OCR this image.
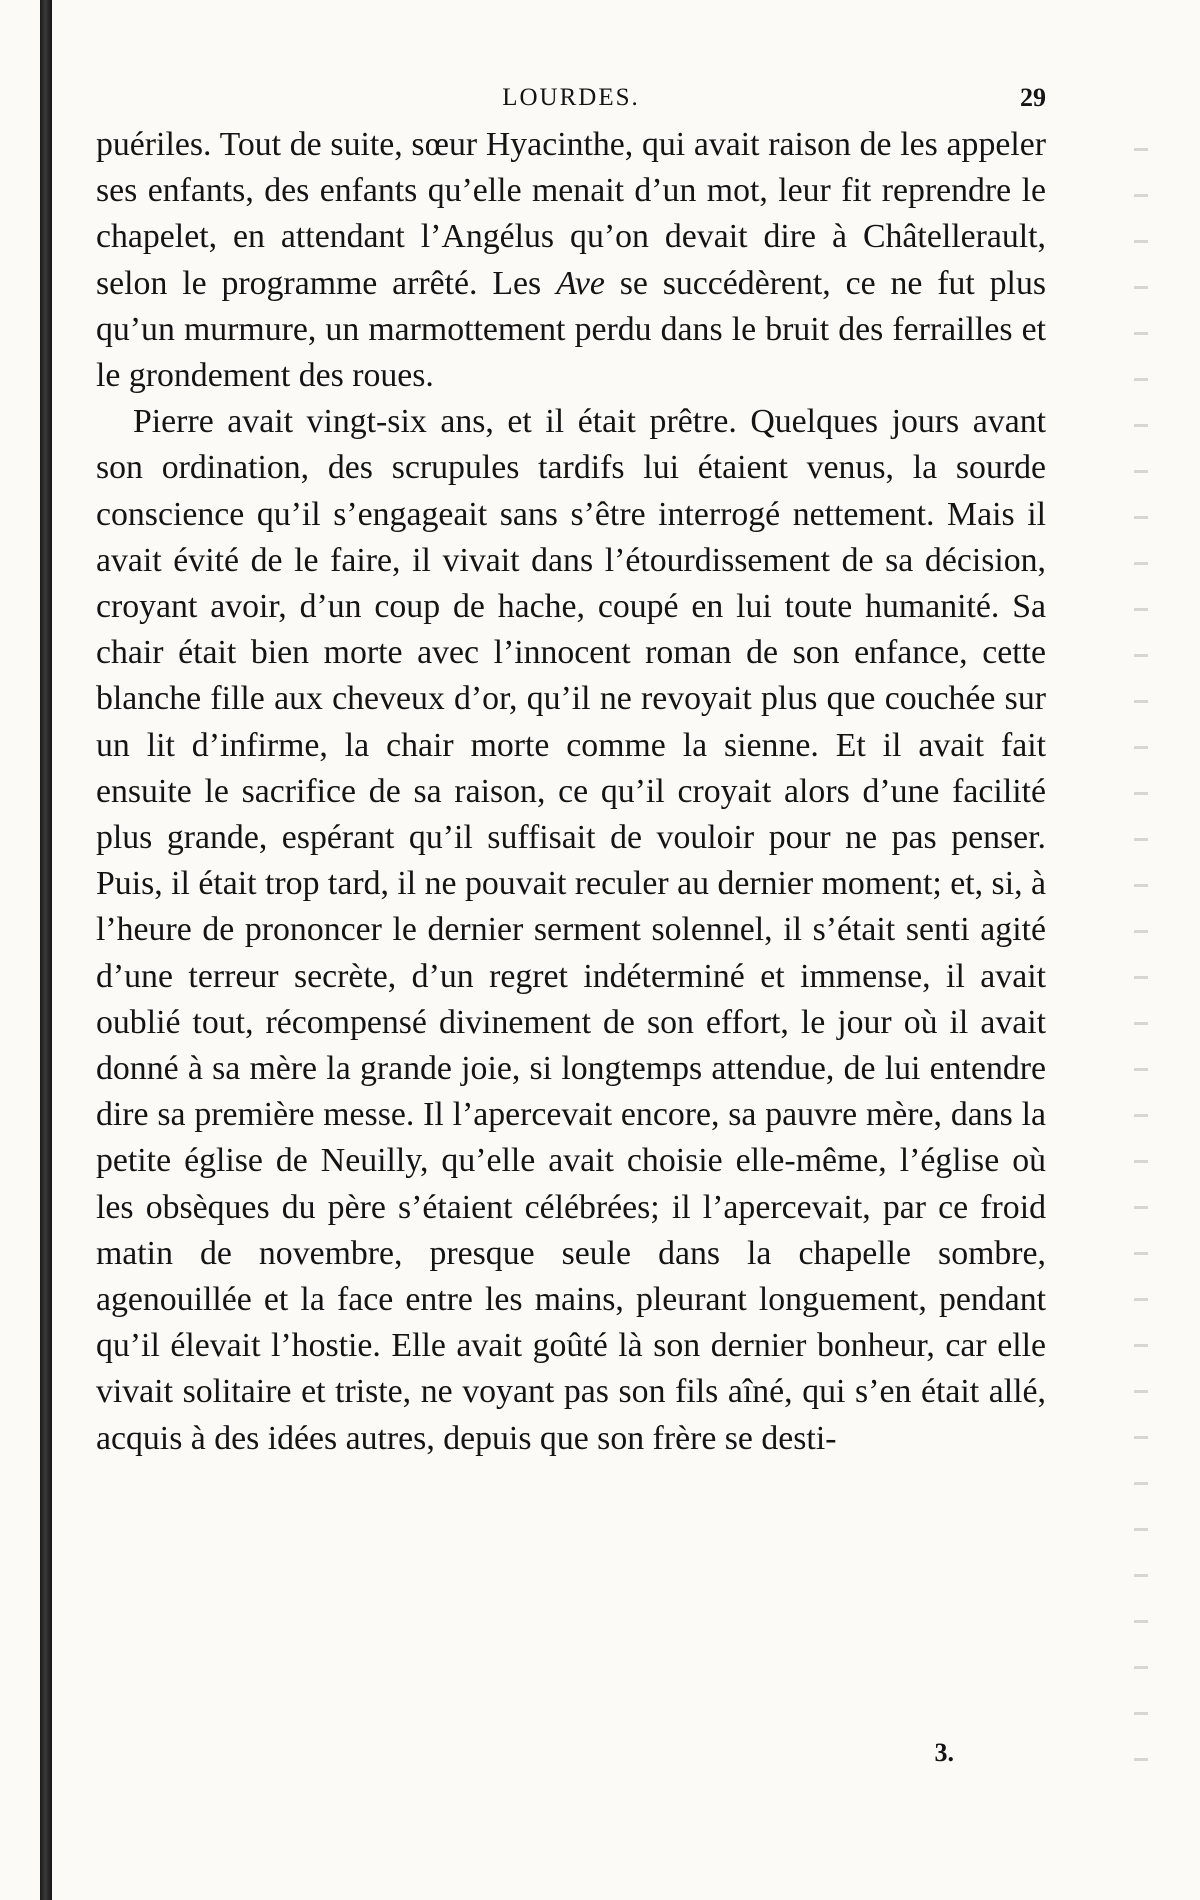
LOURDES.	29

puériles. Tout de suite, sœur Hyacinthe, qui avait raison de les appeler ses enfants, des enfants qu’elle menait d’un mot, leur fit reprendre le chapelet, en attendant l’Angélus qu’on devait dire à Châtellerault, selon le programme arrêté. Les Ave se succédèrent, ce ne fut plus qu’un murmure, un marmottement perdu dans le bruit des ferrailles et le grondement des roues.

Pierre avait vingt-six ans, et il était prêtre. Quelques jours avant son ordination, des scrupules tardifs lui étaient venus, la sourde conscience qu’il s’engageait sans s’être interrogé nettement. Mais il avait évité de le faire, il vivait dans l’étourdissement de sa décision, croyant avoir, d’un coup de hache, coupé en lui toute humanité. Sa chair était bien morte avec l’innocent roman de son enfance, cette blanche fille aux cheveux d’or, qu’il ne revoyait plus que couchée sur un lit d’infirme, la chair morte comme la sienne. Et il avait fait ensuite le sacrifice de sa raison, ce qu’il croyait alors d’une facilité plus grande, espérant qu’il suffisait de vouloir pour ne pas penser. Puis, il était trop tard, il ne pouvait reculer au dernier moment; et, si, à l’heure de prononcer le dernier serment solennel, il s’était senti agité d’une terreur secrète, d’un regret indéterminé et immense, il avait oublié tout, récompensé divinement de son effort, le jour où il avait donné à sa mère la grande joie, si longtemps attendue, de lui entendre dire sa première messe. Il l’apercevait encore, sa pauvre mère, dans la petite église de Neuilly, qu’elle avait choisie elle-même, l’église où les obsèques du père s’étaient célébrées; il l’apercevait, par ce froid matin de novembre, presque seule dans la chapelle sombre, agenouillée et la face entre les mains, pleurant longuement, pendant qu’il élevait l’hostie. Elle avait goûté là son dernier bonheur, car elle vivait solitaire et triste, ne voyant pas son fils aîné, qui s’en était allé, acquis à des idées autres, depuis que son frère se desti-

3.
